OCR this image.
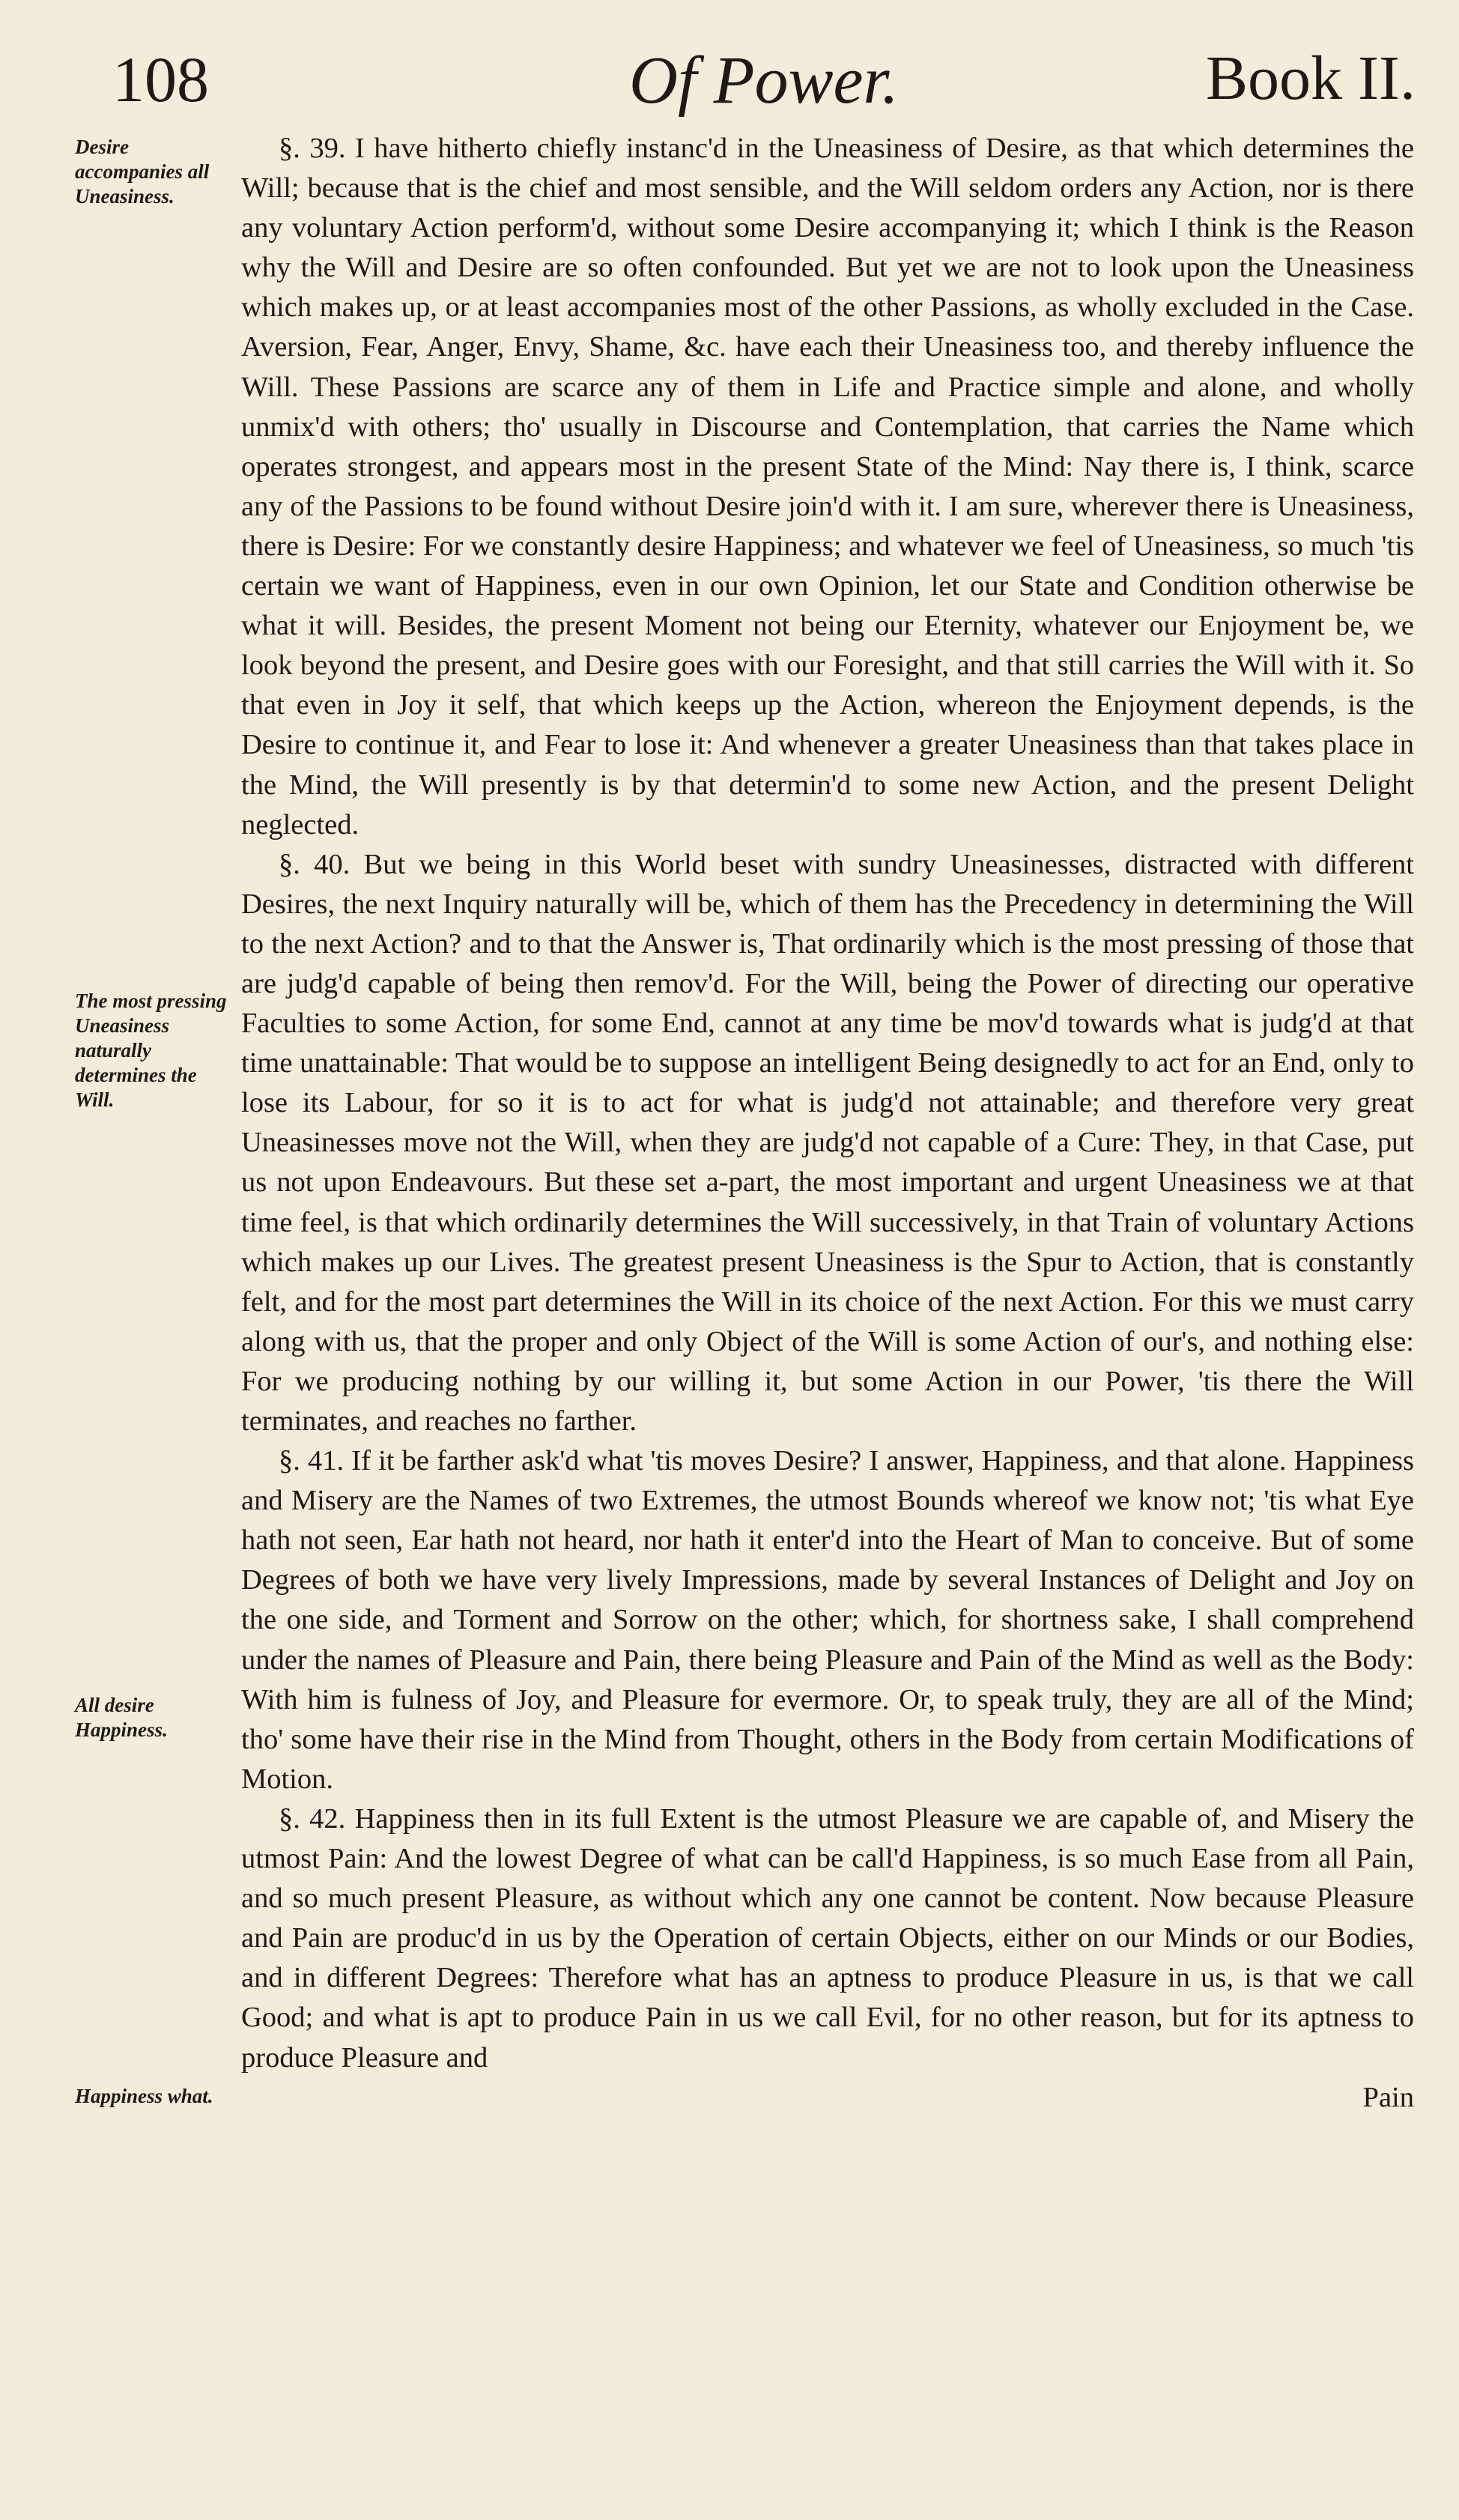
108	Of Power.	Book II.
Desire accompanies all Uneasiness.
The most pressing Uneasiness naturally determines the Will.
All desire Happiness.
Happiness what.

§. 39. I have hitherto chiefly instanc'd in the Uneasiness of Desire, as that which determines the Will; because that is the chief and most sensible, and the Will seldom orders any Action, nor is there any voluntary Action perform'd, without some Desire accompanying it; which I think is the Reason why the Will and Desire are so often confounded. But yet we are not to look upon the Uneasiness which makes up, or at least accompanies most of the other Passions, as wholly excluded in the Case. Aversion, Fear, Anger, Envy, Shame, &c. have each their Uneasiness too, and thereby influence the Will. These Passions are scarce any of them in Life and Practice simple and alone, and wholly unmix'd with others; tho' usually in Discourse and Contemplation, that carries the Name which operates strongest, and appears most in the present State of the Mind: Nay there is, I think, scarce any of the Passions to be found without Desire join'd with it. I am sure, wherever there is Uneasiness, there is Desire: For we constantly desire Happiness; and whatever we feel of Uneasiness, so much 'tis certain we want of Happiness, even in our own Opinion, let our State and Condition otherwise be what it will. Besides, the present Moment not being our Eternity, whatever our Enjoyment be, we look beyond the present, and Desire goes with our Foresight, and that still carries the Will with it. So that even in Joy it self, that which keeps up the Action, whereon the Enjoyment depends, is the Desire to continue it, and Fear to lose it: And whenever a greater Uneasiness than that takes place in the Mind, the Will presently is by that determin'd to some new Action, and the present Delight neglected.

§. 40. But we being in this World beset with sundry Uneasinesses, distracted with different Desires, the next Inquiry naturally will be, which of them has the Precedency in determining the Will to the next Action? and to that the Answer is, That ordinarily which is the most pressing of those that are judg'd capable of being then remov'd. For the Will, being the Power of directing our operative Faculties to some Action, for some End, cannot at any time be mov'd towards what is judg'd at that time unattainable: That would be to suppose an intelligent Being designedly to act for an End, only to lose its Labour, for so it is to act for what is judg'd not attainable; and therefore very great Uneasinesses move not the Will, when they are judg'd not capable of a Cure: They, in that Case, put us not upon Endeavours. But these set a-part, the most important and urgent Uneasiness we at that time feel, is that which ordinarily determines the Will successively, in that Train of voluntary Actions which makes up our Lives. The greatest present Uneasiness is the Spur to Action, that is constantly felt, and for the most part determines the Will in its choice of the next Action. For this we must carry along with us, that the proper and only Object of the Will is some Action of our's, and nothing else: For we producing nothing by our willing it, but some Action in our Power, 'tis there the Will terminates, and reaches no farther.

§. 41. If it be farther ask'd what 'tis moves Desire? I answer, Happiness, and that alone. Happiness and Misery are the Names of two Extremes, the utmost Bounds whereof we know not; 'tis what Eye hath not seen, Ear hath not heard, nor hath it enter'd into the Heart of Man to conceive. But of some Degrees of both we have very lively Impressions, made by several Instances of Delight and Joy on the one side, and Torment and Sorrow on the other; which, for shortness sake, I shall comprehend under the names of Pleasure and Pain, there being Pleasure and Pain of the Mind as well as the Body: With him is fulness of Joy, and Pleasure for evermore. Or, to speak truly, they are all of the Mind; tho' some have their rise in the Mind from Thought, others in the Body from certain Modifications of Motion.

§. 42. Happiness then in its full Extent is the utmost Pleasure we are capable of, and Misery the utmost Pain: And the lowest Degree of what can be call'd Happiness, is so much Ease from all Pain, and so much present Pleasure, as without which any one cannot be content. Now because Pleasure and Pain are produc'd in us by the Operation of certain Objects, either on our Minds or our Bodies, and in different Degrees: Therefore what has an aptness to produce Pleasure in us, is that we call Good; and what is apt to produce Pain in us we call Evil, for no other reason, but for its aptness to produce Pleasure and

Pain
